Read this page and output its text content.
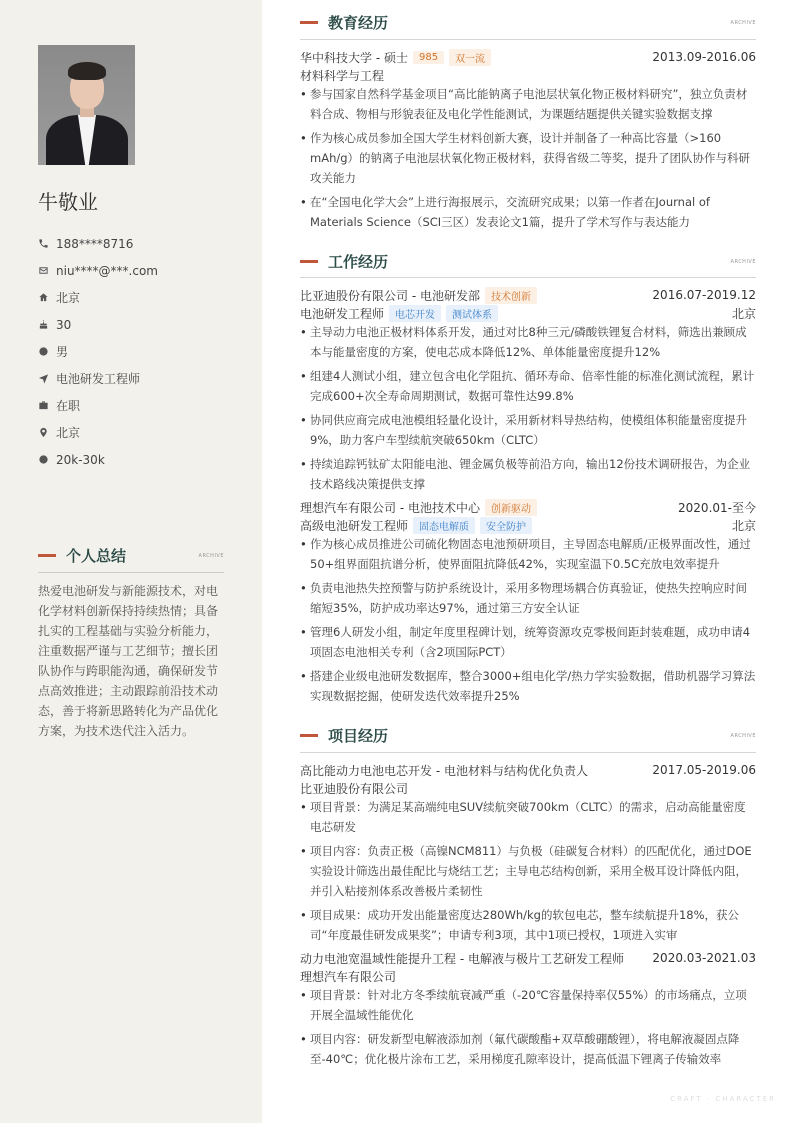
牛敬业
188****8716
niu****@***.com
北京
30
男
电池研发工程师
在职
北京
20k-30k
个人总结	ARCHIVE
热爱电池研发与新能源技术，对电化学材料创新保持持续热情；具备扎实的工程基础与实验分析能力，注重数据严谨与工艺细节；擅长团队协作与跨职能沟通，确保研发节点高效推进；主动跟踪前沿技术动态，善于将新思路转化为产品优化方案，为技术迭代注入活力。
教育经历	ARCHIVE
华中科技大学 - 硕士	985	双一流	2013.09-2016.06
材料科学与工程
• 参与国家自然科学基金项目“高比能钠离子电池层状氧化物正极材料研究”，独立负责材料合成、物相与形貌表征及电化学性能测试，为课题结题提供关键实验数据支撑
• 作为核心成员参加全国大学生材料创新大赛，设计并制备了一种高比容量（>160 mAh/g）的钠离子电池层状氧化物正极材料，获得省级二等奖，提升了团队协作与科研攻关能力
• 在“全国电化学大会”上进行海报展示，交流研究成果；以第一作者在Journal of Materials Science（SCI三区）发表论文1篇，提升了学术写作与表达能力
工作经历	ARCHIVE
比亚迪股份有限公司 - 电池研发部	技术创新	2016.07-2019.12
电池研发工程师	电芯开发	测试体系	北京
• 主导动力电池正极材料体系开发，通过对比8种三元/磷酸铁锂复合材料，筛选出兼顾成本与能量密度的方案，使电芯成本降低12%、单体能量密度提升12%
• 组建4人测试小组，建立包含电化学阻抗、循环寿命、倍率性能的标准化测试流程，累计完成600+次全寿命周期测试，数据可靠性达99.8%
• 协同供应商完成电池模组轻量化设计，采用新材料导热结构，使模组体积能量密度提升9%，助力客户车型续航突破650km（CLTC）
• 持续追踪钙钛矿太阳能电池、锂金属负极等前沿方向，输出12份技术调研报告，为企业技术路线决策提供支撑
理想汽车有限公司 - 电池技术中心	创新驱动	2020.01-至今
高级电池研发工程师	固态电解质	安全防护	北京
• 作为核心成员推进公司硫化物固态电池预研项目，主导固态电解质/正极界面改性，通过50+组界面阻抗谱分析，使界面阻抗降低42%，实现室温下0.5C充放电效率提升
• 负责电池热失控预警与防护系统设计，采用多物理场耦合仿真验证，使热失控响应时间缩短35%，防护成功率达97%，通过第三方安全认证
• 管理6人研发小组，制定年度里程碑计划，统筹资源攻克零极间距封装难题，成功申请4项固态电池相关专利（含2项国际PCT）
• 搭建企业级电池研发数据库，整合3000+组电化学/热力学实验数据，借助机器学习算法实现数据挖掘，使研发迭代效率提升25%
项目经历	ARCHIVE
高比能动力电池电芯开发 - 电池材料与结构优化负责人	2017.05-2019.06
比亚迪股份有限公司
• 项目背景：为满足某高端纯电SUV续航突破700km（CLTC）的需求，启动高能量密度电芯研发
• 项目内容：负责正极（高镍NCM811）与负极（硅碳复合材料）的匹配优化，通过DOE实验设计筛选出最佳配比与烧结工艺；主导电芯结构创新，采用全极耳设计降低内阻，并引入粘接剂体系改善极片柔韧性
• 项目成果：成功开发出能量密度达280Wh/kg的软包电芯，整车续航提升18%，获公司“年度最佳研发成果奖”；申请专利3项，其中1项已授权，1项进入实审
动力电池宽温域性能提升工程 - 电解液与极片工艺研发工程师 2020.03-2021.03
理想汽车有限公司
• 项目背景：针对北方冬季续航衰减严重（-20℃容量保持率仅55%）的市场痛点，立项开展全温域性能优化
• 项目内容：研发新型电解液添加剂（氟代碳酸酯+双草酸硼酸锂），将电解液凝固点降至-40℃；优化极片涂布工艺，采用梯度孔隙率设计，提高低温下锂离子传输效率
CRAFT · CHARACTER
